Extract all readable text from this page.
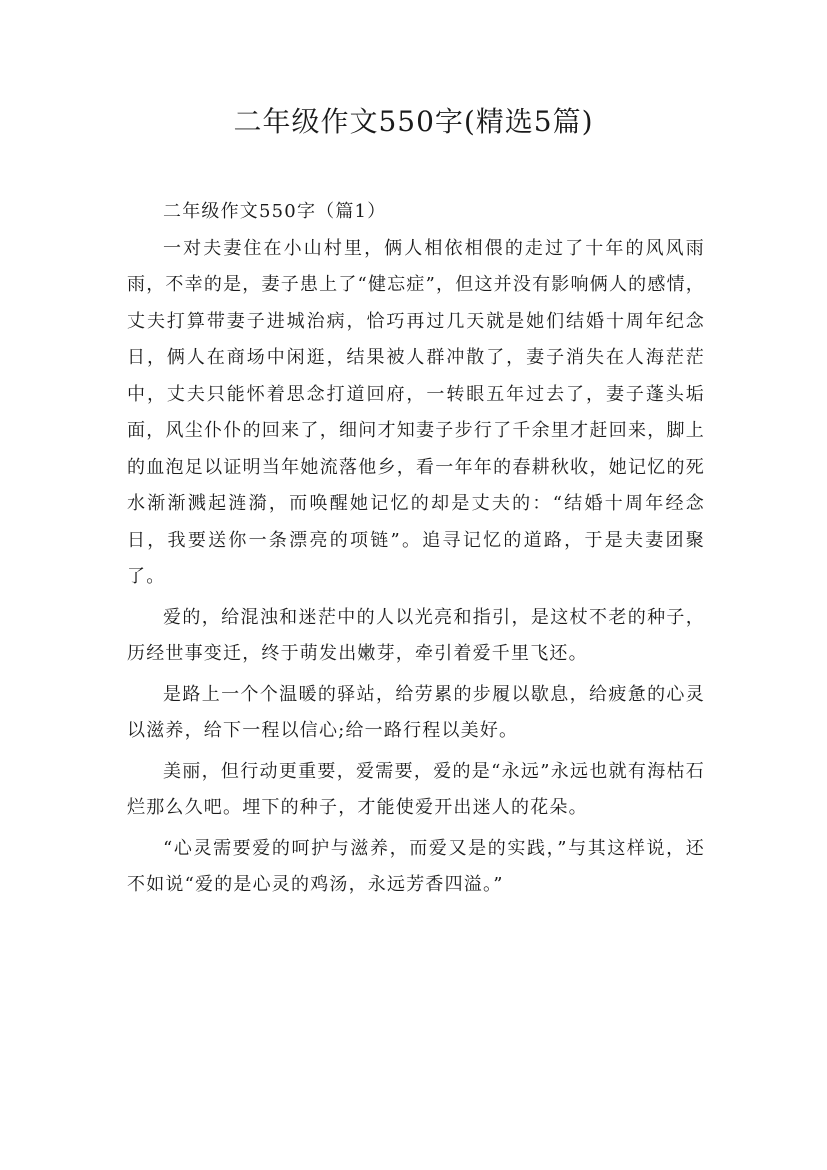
二年级作文550字(精选5篇)

二年级作文550字（篇1）

一对夫妻住在小山村里，俩人相依相偎的走过了十年的风风雨雨，不幸的是，妻子患上了“健忘症”，但这并没有影响俩人的感情，丈夫打算带妻子进城治病，恰巧再过几天就是她们结婚十周年纪念日，俩人在商场中闲逛，结果被人群冲散了，妻子消失在人海茫茫中，丈夫只能怀着思念打道回府，一转眼五年过去了，妻子蓬头垢面，风尘仆仆的回来了，细问才知妻子步行了千余里才赶回来，脚上的血泡足以证明当年她流落他乡，看一年年的春耕秋收，她记忆的死水渐渐溅起涟漪，而唤醒她记忆的却是丈夫的：“结婚十周年经念日，我要送你一条漂亮的项链”。追寻记忆的道路，于是夫妻团聚了。

爱的，给混浊和迷茫中的人以光亮和指引，是这杖不老的种子，历经世事变迁，终于萌发出嫩芽，牵引着爱千里飞还。

是路上一个个温暖的驿站，给劳累的步履以歇息，给疲惫的心灵以滋养，给下一程以信心;给一路行程以美好。

美丽，但行动更重要，爱需要，爱的是“永远”永远也就有海枯石烂那么久吧。埋下的种子，才能使爱开出迷人的花朵。

“心灵需要爱的呵护与滋养，而爱又是的实践，”与其这样说，还不如说“爱的是心灵的鸡汤，永远芳香四溢。”
